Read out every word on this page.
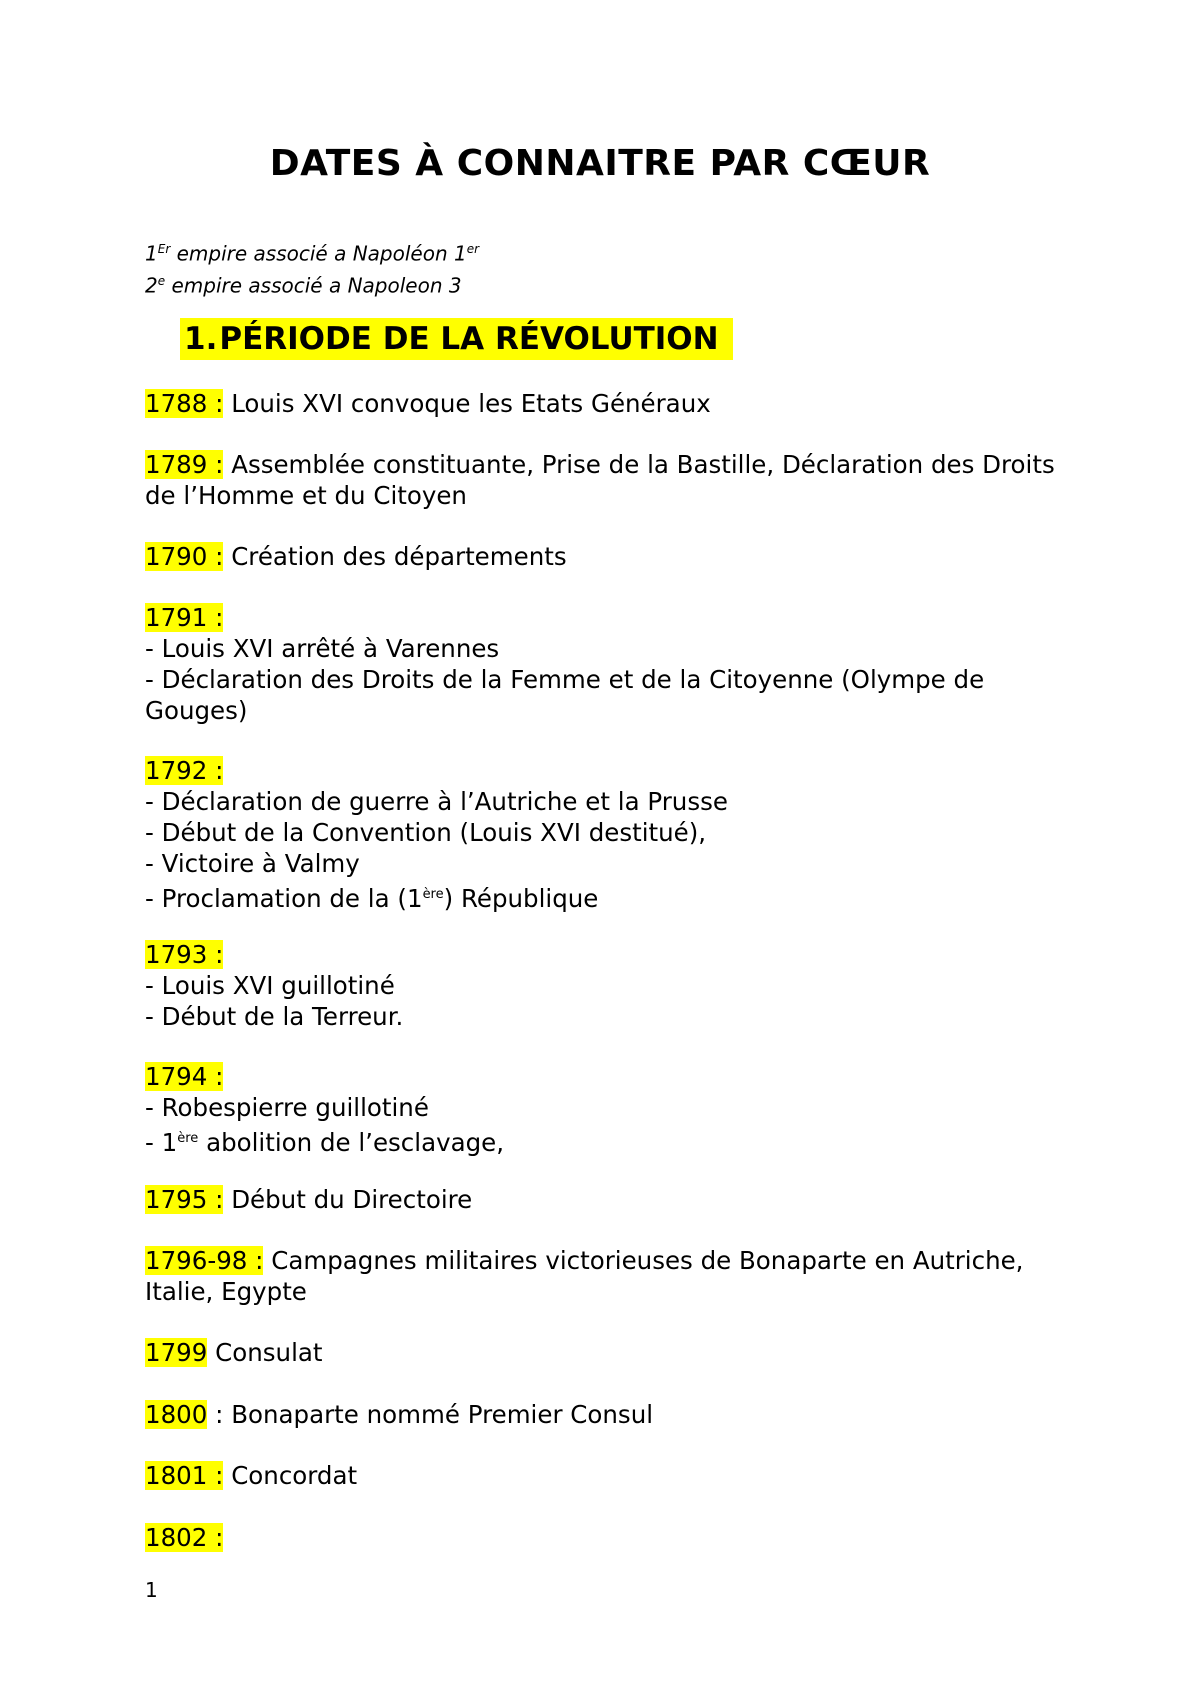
DATES À CONNAITRE PAR CŒUR
1Er empire associé a Napoléon 1er
2e empire associé a Napoleon 3
1.PÉRIODE DE LA RÉVOLUTION
1788 : Louis XVI convoque les Etats Généraux
1789 : Assemblée constituante, Prise de la Bastille, Déclaration des Droits de l’Homme et du Citoyen
1790 : Création des départements
1791 :
- Louis XVI arrêté à Varennes
- Déclaration des Droits de la Femme et de la Citoyenne (Olympe de Gouges)
1792 :
- Déclaration de guerre à l’Autriche et la Prusse
- Début de la Convention (Louis XVI destitué),
- Victoire à Valmy
- Proclamation de la (1ère) République
1793 :
- Louis XVI guillotiné
- Début de la Terreur.
1794 :
- Robespierre guillotiné
- 1ère abolition de l’esclavage,
1795 : Début du Directoire
1796-98 : Campagnes militaires victorieuses de Bonaparte en Autriche, Italie, Egypte
1799 Consulat
1800 : Bonaparte nommé Premier Consul
1801 : Concordat
1802 :
1
